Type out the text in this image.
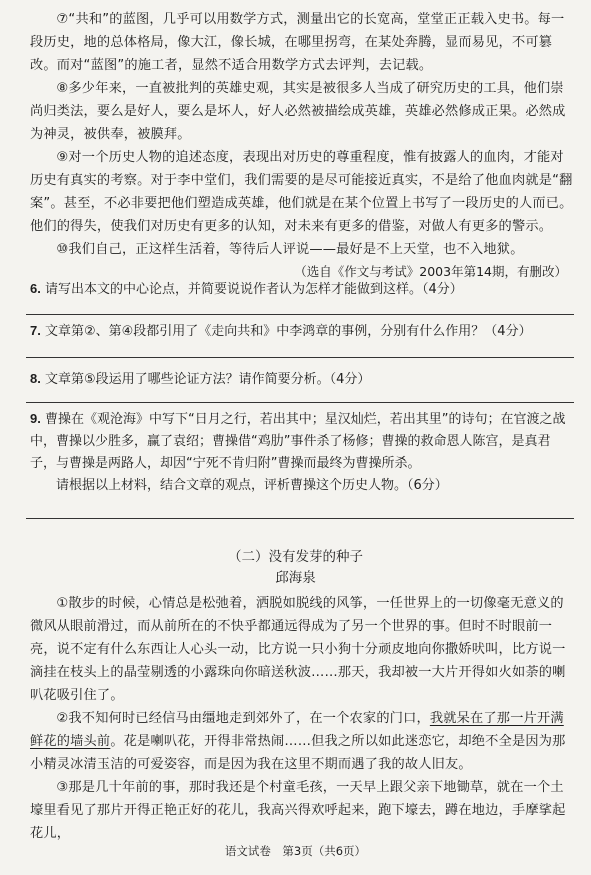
⑦“共和”的蓝图，几乎可以用数学方式，测量出它的长宽高，堂堂正正载入史书。每一段历史，地的总体格局，像大江，像长城，在哪里拐弯，在某处奔腾，显而易见，不可篡改。而对“蓝图”的施工者，显然不适合用数学方式去评判，去记载。

⑧多少年来，一直被批判的英雄史观，其实是被很多人当成了研究历史的工具，他们崇尚归类法，要么是好人，要么是坏人，好人必然被描绘成英雄，英雄必然修成正果。必然成为神灵，被供奉，被膜拜。

⑨对一个历史人物的追述态度，表现出对历史的尊重程度，惟有披露人的血肉，才能对历史有真实的考察。对于李中堂们，我们需要的是尽可能接近真实，不是给了他血肉就是“翻案”。甚至，不必非要把他们塑造成英雄，他们就是在某个位置上书写了一段历史的人而已。他们的得失，使我们对历史有更多的认知，对未来有更多的借鉴，对做人有更多的警示。

⑩我们自己，正这样生活着，等待后人评说——最好是不上天堂，也不入地狱。

（选自《作文与考试》2003年第14期，有删改）

6. 请写出本文的中心论点，并简要说说作者认为怎样才能做到这样。（4分）

7. 文章第②、第④段都引用了《走向共和》中李鸿章的事例，分别有什么作用？（4分）

8. 文章第⑤段运用了哪些论证方法？请作简要分析。（4分）

9. 曹操在《观沧海》中写下“日月之行，若出其中；星汉灿烂，若出其里”的诗句；在官渡之战中，曹操以少胜多，赢了袁绍；曹操借“鸡肋”事件杀了杨修；曹操的救命恩人陈宫，是真君子，与曹操是两路人，却因“宁死不肯归附”曹操而最终为曹操所杀。

请根据以上材料，结合文章的观点，评析曹操这个历史人物。（6分）

（二）没有发芽的种子
邱海泉

①散步的时候，心情总是松弛着，洒脱如脱线的风筝，一任世界上的一切像毫无意义的微风从眼前滑过，而从前所在的不快乎都通远得成为了另一个世界的事。但时不时眼前一亮，说不定有什么东西让人心头一动，比方说一只小狗十分顽皮地向你撒娇吠叫，比方说一滴挂在枝头上的晶莹剔透的小露珠向你暗送秋波……那天，我却被一大片开得如火如荼的喇叭花吸引住了。

②我不知何时已经信马由缰地走到郊外了，在一个农家的门口，我就呆在了那一片开满鲜花的墙头前。花是喇叭花，开得非常热闹……但我之所以如此迷恋它，却绝不全是因为那小精灵冰清玉洁的可爱姿容，而是因为我在这里不期而遇了我的故人旧友。

③那是几十年前的事，那时我还是个村童毛孩，一天早上跟父亲下地锄草，就在一个土壕里看见了那片开得正艳正好的花儿，我高兴得欢呼起来，跑下壕去，蹲在地边，手摩挲起花儿，

语文试卷　第3页（共6页）
